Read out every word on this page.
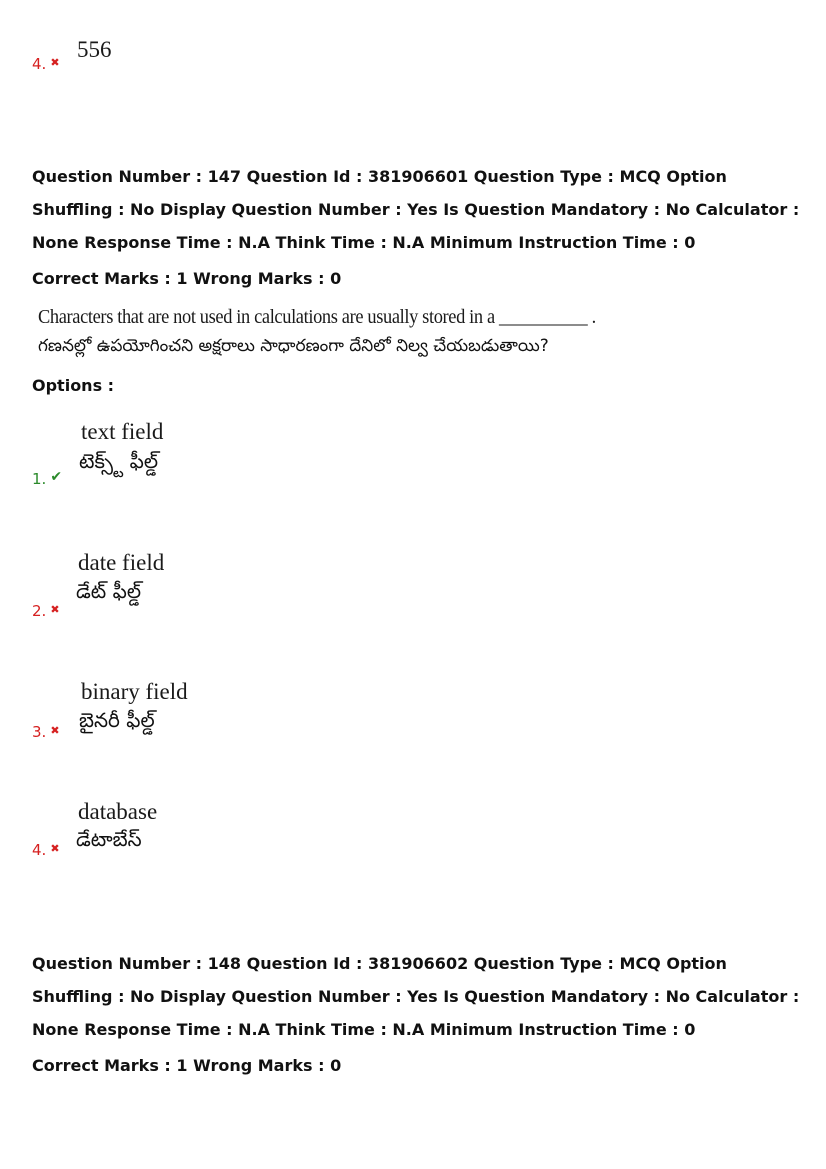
4. ✖
556
Question Number : 147 Question Id : 381906601 Question Type : MCQ Option Shuffling : No Display Question Number : Yes Is Question Mandatory : No Calculator : None Response Time : N.A Think Time : N.A Minimum Instruction Time : 0
Correct Marks : 1 Wrong Marks : 0
Characters that are not used in calculations are usually stored in a __________ .
గణనల్లో ఉపయోగించని అక్షరాలు సాధారణంగా దేనిలో నిల్వ చేయబడుతాయి?
Options :
1. ✔
text field
టెక్స్ట్ ఫీల్డ్
2. ✖
date field
డేట్ ఫీల్డ్
3. ✖
binary field
బైనరీ ఫీల్డ్
4. ✖
database
డేటాబేస్
Question Number : 148 Question Id : 381906602 Question Type : MCQ Option Shuffling : No Display Question Number : Yes Is Question Mandatory : No Calculator : None Response Time : N.A Think Time : N.A Minimum Instruction Time : 0
Correct Marks : 1 Wrong Marks : 0
